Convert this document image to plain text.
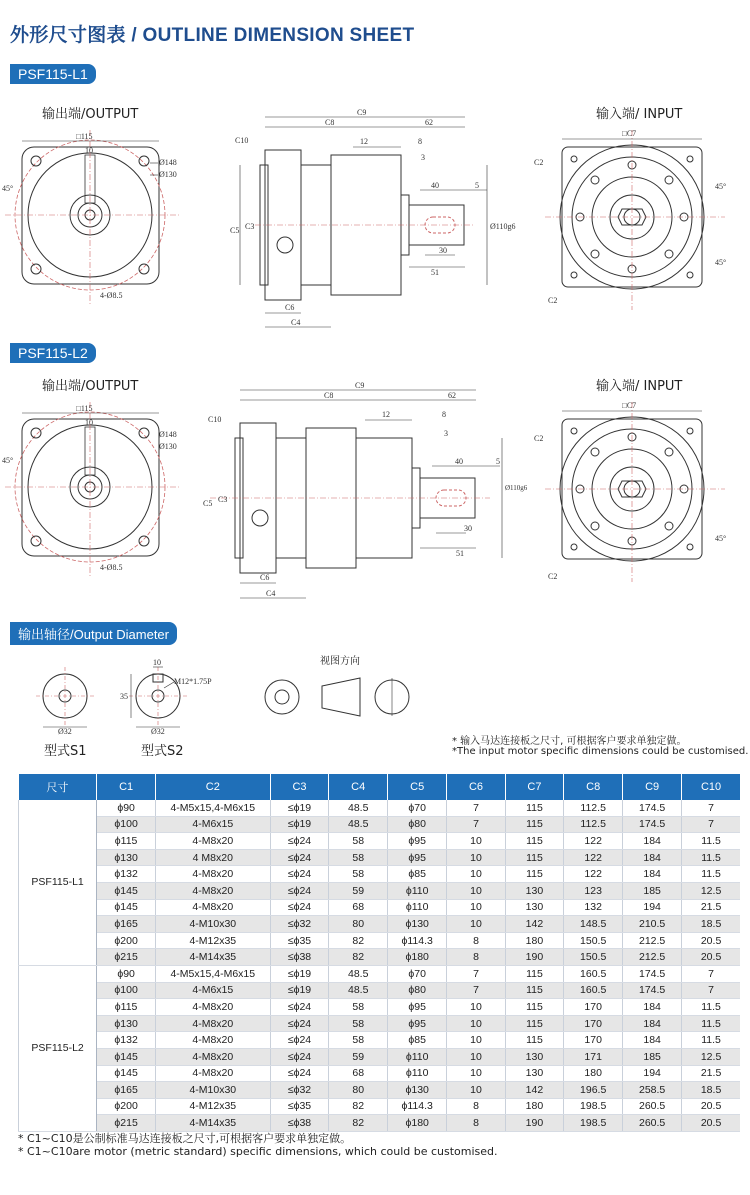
外形尺寸图表 / OUTLINE DIMENSION SHEET
PSF115-L1
输出端/OUTPUT	输入端/ INPUT
□115
10
Ø148
Ø130
4-Ø8.5
45°
C9
C8	62
C10	12	8
3
40	5
C5 C3	Ø110g6
30
51
C6
C4
□C7
C2
C2
45°
45°
PSF115-L2
输出端/OUTPUT	输入端/ INPUT
□115
10
Ø148
Ø130
4-Ø8.5
45°
C9
C8	62
C10
12	8
3
40	5
C5 C3
Ø110g6
30
51
C6
C4
□C7
C2
C2
45°
输出轴径/Output Diameter
Ø32
10
35
M12*1.75P
Ø32
型式S1	型式S2
视图方向
* 输入马达连接板之尺寸, 可根据客户要求单独定做。
*The input motor specific dimensions could be customised.
尺寸	C1	C2	C3	C4	C5	C6	C7	C8	C9	C10
PSF115-L1	ϕ90	4-M5x15,4-M6x15	≤ϕ19	48.5	ϕ70	7	115	112.5	174.5	7
	ϕ100	4-M6x15	≤ϕ19	48.5	ϕ80	7	115	112.5	174.5	7
	ϕ115	4-M8x20	≤ϕ24	58	ϕ95	10	115	122	184	11.5
	ϕ130	4 M8x20	≤ϕ24	58	ϕ95	10	115	122	184	11.5
	ϕ132	4-M8x20	≤ϕ24	58	ϕ85	10	115	122	184	11.5
	ϕ145	4-M8x20	≤ϕ24	59	ϕ110	10	130	123	185	12.5
	ϕ145	4-M8x20	≤ϕ24	68	ϕ110	10	130	132	194	21.5
	ϕ165	4-M10x30	≤ϕ32	80	ϕ130	10	142	148.5	210.5	18.5
	ϕ200	4-M12x35	≤ϕ35	82	ϕ114.3	8	180	150.5	212.5	20.5
	ϕ215	4-M14x35	≤ϕ38	82	ϕ180	8	190	150.5	212.5	20.5
PSF115-L2	ϕ90	4-M5x15,4-M6x15	≤ϕ19	48.5	ϕ70	7	115	160.5	174.5	7
	ϕ100	4-M6x15	≤ϕ19	48.5	ϕ80	7	115	160.5	174.5	7
	ϕ115	4-M8x20	≤ϕ24	58	ϕ95	10	115	170	184	11.5
	ϕ130	4-M8x20	≤ϕ24	58	ϕ95	10	115	170	184	11.5
	ϕ132	4-M8x20	≤ϕ24	58	ϕ85	10	115	170	184	11.5
	ϕ145	4-M8x20	≤ϕ24	59	ϕ110	10	130	171	185	12.5
	ϕ145	4-M8x20	≤ϕ24	68	ϕ110	10	130	180	194	21.5
	ϕ165	4-M10x30	≤ϕ32	80	ϕ130	10	142	196.5	258.5	18.5
	ϕ200	4-M12x35	≤ϕ35	82	ϕ114.3	8	180	198.5	260.5	20.5
	ϕ215	4-M14x35	≤ϕ38	82	ϕ180	8	190	198.5	260.5	20.5
* C1~C10是公制标准马达连接板之尺寸,可根据客户要求单独定做。
* C1~C10are motor (metric standard) specific dimensions, which could be customised.
